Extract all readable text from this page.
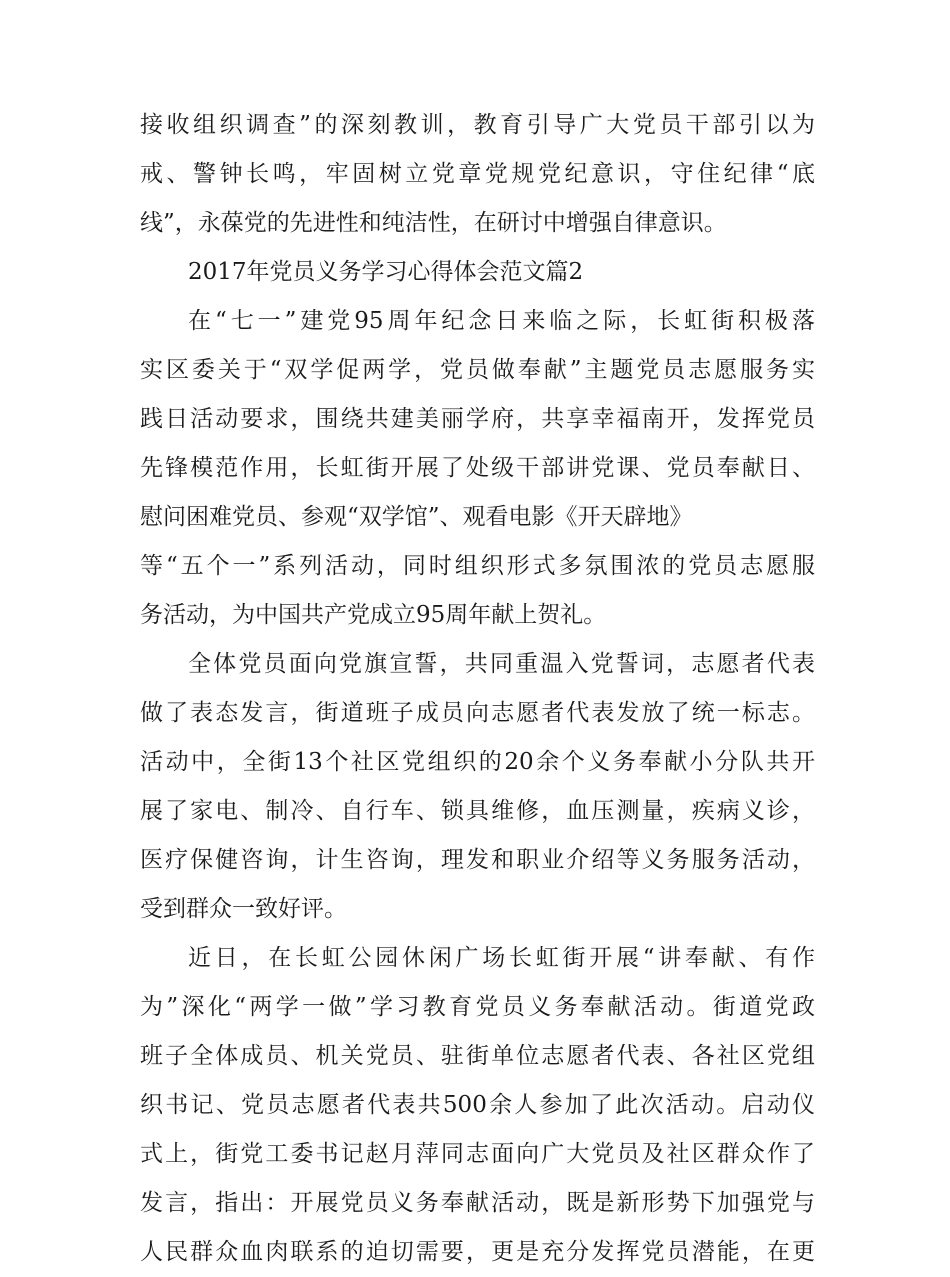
接收组织调查”的深刻教训，教育引导广大党员干部引以为
戒、警钟长鸣，牢固树立党章党规党纪意识，守住纪律“底
线”，永葆党的先进性和纯洁性，在研讨中增强自律意识。

2017年党员义务学习心得体会范文篇2

在“七一”建党95周年纪念日来临之际，长虹街积极落
实区委关于“双学促两学，党员做奉献”主题党员志愿服务实
践日活动要求，围绕共建美丽学府，共享幸福南开，发挥党员
先锋模范作用，长虹街开展了处级干部讲党课、党员奉献日、
慰问困难党员、参观“双学馆”、观看电影《开天辟地》
等“五个一”系列活动，同时组织形式多氛围浓的党员志愿服
务活动，为中国共产党成立95周年献上贺礼。

全体党员面向党旗宣誓，共同重温入党誓词，志愿者代表
做了表态发言，街道班子成员向志愿者代表发放了统一标志。
活动中，全街13个社区党组织的20余个义务奉献小分队共开
展了家电、制冷、自行车、锁具维修，血压测量，疾病义诊，
医疗保健咨询，计生咨询，理发和职业介绍等义务服务活动，
受到群众一致好评。

近日，在长虹公园休闲广场长虹街开展“讲奉献、有作
为”深化“两学一做”学习教育党员义务奉献活动。街道党政
班子全体成员、机关党员、驻街单位志愿者代表、各社区党组
织书记、党员志愿者代表共500余人参加了此次活动。启动仪
式上，街党工委书记赵月萍同志面向广大党员及社区群众作了
发言，指出：开展党员义务奉献活动，既是新形势下加强党与
人民群众血肉联系的迫切需要，更是充分发挥党员潜能，在更
